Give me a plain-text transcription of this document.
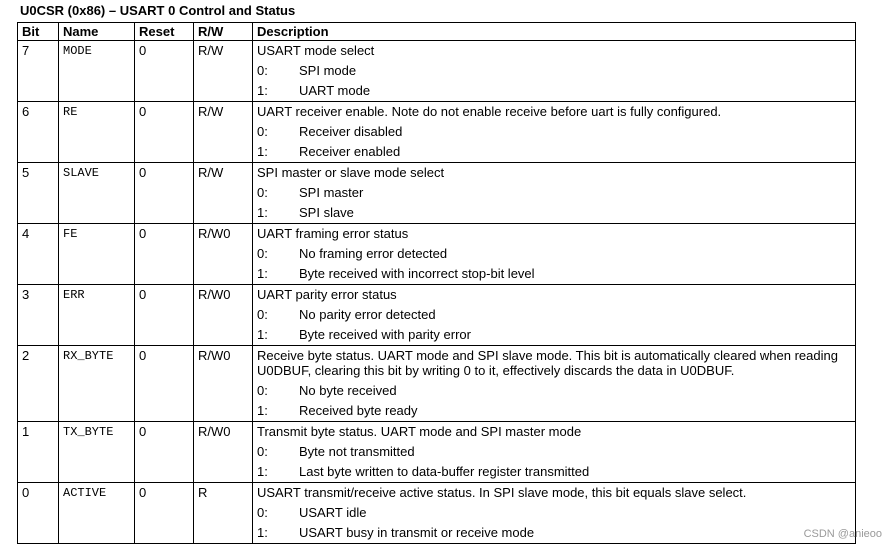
U0CSR (0x86) – USART 0 Control and Status
Bit	Name	Reset	R/W	Description
7	MODE	0	R/W	USART mode select
0: SPI mode
1: UART mode

6	RE	0	R/W	UART receiver enable. Note do not enable receive before uart is fully configured.
0: Receiver disabled
1: Receiver enabled

5	SLAVE	0	R/W	SPI master or slave mode select
0: SPI master
1: SPI slave

4	FE	0	R/W0	UART framing error status
0: No framing error detected
1: Byte received with incorrect stop-bit level

3	ERR	0	R/W0	UART parity error status
0: No parity error detected
1: Byte received with parity error

2	RX_BYTE	0	R/W0	Receive byte status. UART mode and SPI slave mode. This bit is automatically cleared when reading U0DBUF, clearing this bit by writing 0 to it, effectively discards the data in U0DBUF.
0: No byte received
1: Received byte ready

1	TX_BYTE	0	R/W0	Transmit byte status. UART mode and SPI master mode
0: Byte not transmitted
1: Last byte written to data-buffer register transmitted

0	ACTIVE	0	R	USART transmit/receive active status. In SPI slave mode, this bit equals slave select.
0: USART idle
1: USART busy in transmit or receive mode	CSDN @anieoo
